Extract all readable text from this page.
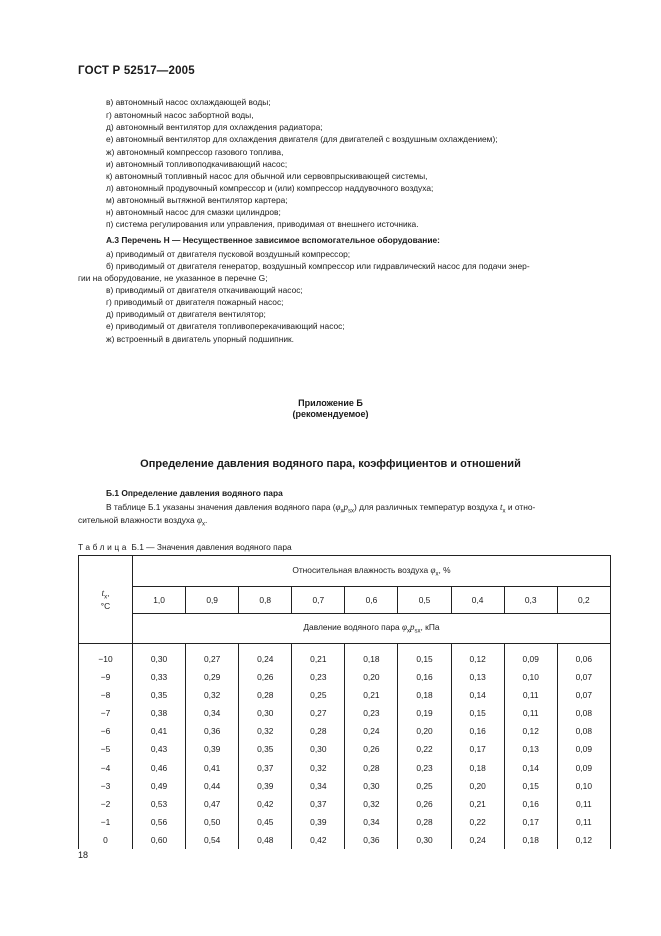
ГОСТ Р 52517—2005
в) автономный насос охлаждающей воды;
г) автономный насос забортной воды,
д) автономный вентилятор для охлаждения радиатора;
е) автономный вентилятор для охлаждения двигателя (для двигателей с воздушным охлаждением);
ж) автономный компрессор газового топлива,
и) автономный топливоподкачивающий насос;
к) автономный топливный насос для обычной или сервовпрыскивающей системы,
л) автономный продувочный компрессор и (или) компрессор наддувочного воздуха;
м) автономный вытяжной вентилятор картера;
н) автономный насос для смазки цилиндров;
п) система регулирования или управления, приводимая от внешнего источника.
А.3 Перечень Н — Несущественное зависимое вспомогательное оборудование:
а) приводимый от двигателя пусковой воздушный компрессор;
б) приводимый от двигателя генератор, воздушный компрессор или гидравлический насос для подачи энер-
гии на оборудование, не указанное в перечне G;
в) приводимый от двигателя откачивающий насос;
г) приводимый от двигателя пожарный насос;
д) приводимый от двигателя вентилятор;
е) приводимый от двигателя топливоперекачивающий насос;
ж) встроенный в двигатель упорный подшипник.
Приложение Б
(рекомендуемое)
Определение давления водяного пара, коэффициентов и отношений
Б.1 Определение давления водяного пара
В таблице Б.1 указаны значения давления водяного пара $(\varphi_xp_{sx})$ для различных температур воздуха $t_x$ и отно-
сительной влажности воздуха $\varphi_x$.
Таблица Б.1 — Значения давления водяного пара
$t_x$,
°С	Относительная влажность воздуха $\varphi_x$, %								
	1,0	0,9	0,8	0,7	0,6	0,5	0,4	0,3	0,2
	Давление водяного пара $\varphi_xp_{sx}$, кПа								
−10	0,30	0,27	0,24	0,21	0,18	0,15	0,12	0,09	0,06
−9	0,33	0,29	0,26	0,23	0,20	0,16	0,13	0,10	0,07
−8	0,35	0,32	0,28	0,25	0,21	0,18	0,14	0,11	0,07
−7	0,38	0,34	0,30	0,27	0,23	0,19	0,15	0,11	0,08
−6	0,41	0,36	0,32	0,28	0,24	0,20	0,16	0,12	0,08
−5	0,43	0,39	0,35	0,30	0,26	0,22	0,17	0,13	0,09
−4	0,46	0,41	0,37	0,32	0,28	0,23	0,18	0,14	0,09
−3	0,49	0,44	0,39	0,34	0,30	0,25	0,20	0,15	0,10
−2	0,53	0,47	0,42	0,37	0,32	0,26	0,21	0,16	0,11
−1	0,56	0,50	0,45	0,39	0,34	0,28	0,22	0,17	0,11
0	0,60	0,54	0,48	0,42	0,36	0,30	0,24	0,18	0,12
18
